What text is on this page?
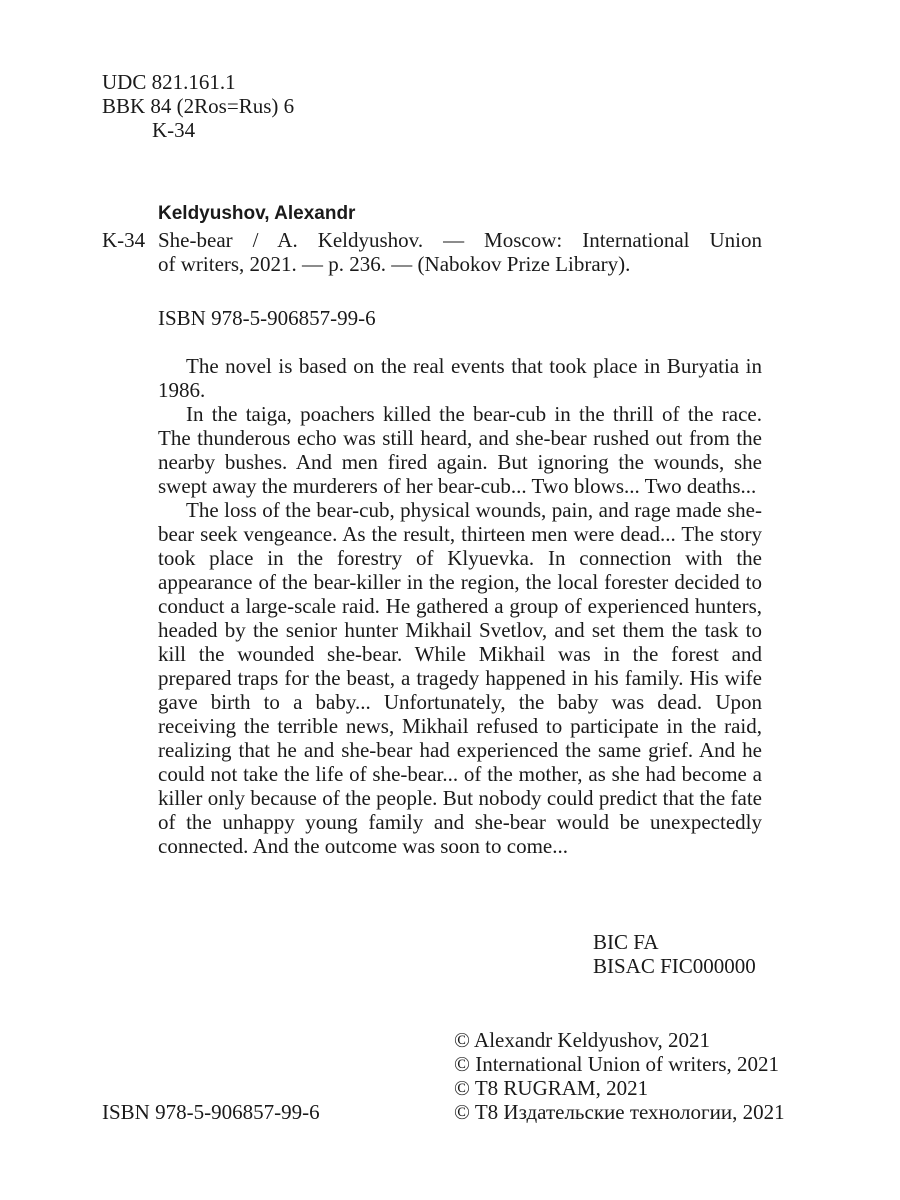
UDC 821.161.1
BBK 84 (2Ros=Rus) 6
K-34
Keldyushov, Alexandr
K-34 She-bear / A. Keldyushov. — Moscow: International Union
of writers, 2021. — p. 236. — (Nabokov Prize Library).
ISBN 978-5-906857-99-6

The novel is based on the real events that took place in Buryatia in 1986.

In the taiga, poachers killed the bear-cub in the thrill of the race. The thunderous echo was still heard, and she-bear rushed out from the nearby bushes. And men fired again. But ignoring the wounds, she swept away the murderers of her bear-cub... Two blows... Two deaths...

The loss of the bear-cub, physical wounds, pain, and rage made she-bear seek vengeance. As the result, thirteen men were dead... The story took place in the forestry of Klyuevka. In connection with the appearance of the bear-killer in the region, the local forester decided to conduct a large-scale raid. He gathered a group of experienced hunters, headed by the senior hunter Mikhail Svetlov, and set them the task to kill the wounded she-bear. While Mikhail was in the forest and prepared traps for the beast, a tragedy happened in his family. His wife gave birth to a baby... Unfortunately, the baby was dead. Upon receiving the terrible news, Mikhail refused to participate in the raid, realizing that he and she-bear had experienced the same grief. And he could not take the life of she-bear... of the mother, as she had become a killer only because of the people. But nobody could predict that the fate of the unhappy young family and she-bear would be unexpectedly connected. And the outcome was soon to come...

BIC FA
BISAC FIC000000
© Alexandr Keldyushov, 2021
© International Union of writers, 2021
© T8 RUGRAM, 2021
© T8 Издательские технологии, 2021
ISBN 978-5-906857-99-6
